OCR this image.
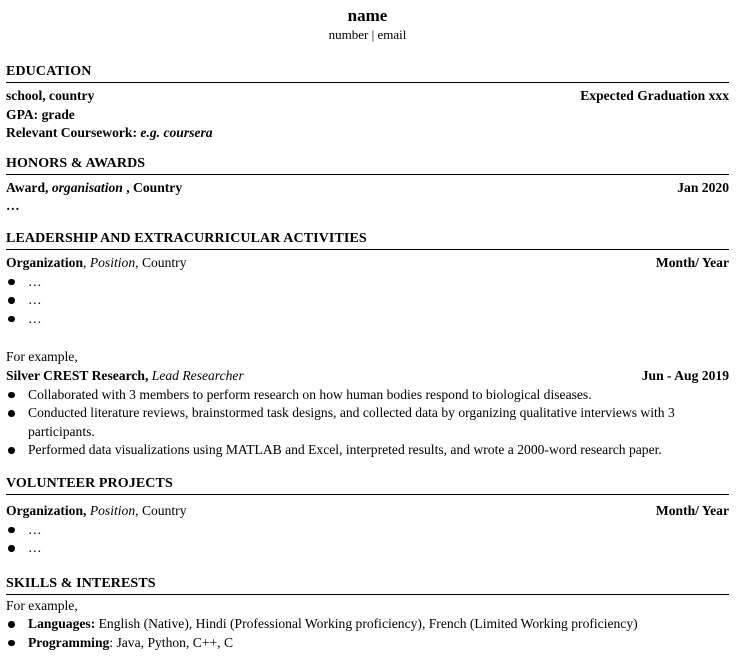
name
number | email
EDUCATION
school, country	Expected Graduation xxx
GPA: grade
Relevant Coursework: e.g. coursera
HONORS & AWARDS
Award, organisation , Country	Jan 2020
…
LEADERSHIP AND EXTRACURRICULAR ACTIVITIES
Organization, Position, Country	Month/ Year
…
…
…
For example,
Silver CREST Research, Lead Researcher	Jun - Aug 2019
Collaborated with 3 members to perform research on how human bodies respond to biological diseases.
Conducted literature reviews, brainstormed task designs, and collected data by organizing qualitative interviews with 3 participants.
Performed data visualizations using MATLAB and Excel, interpreted results, and wrote a 2000-word research paper.
VOLUNTEER PROJECTS
Organization, Position, Country	Month/ Year
…
…
SKILLS & INTERESTS
For example,
Languages: English (Native), Hindi (Professional Working proficiency), French (Limited Working proficiency)
Programming: Java, Python, C++, C
